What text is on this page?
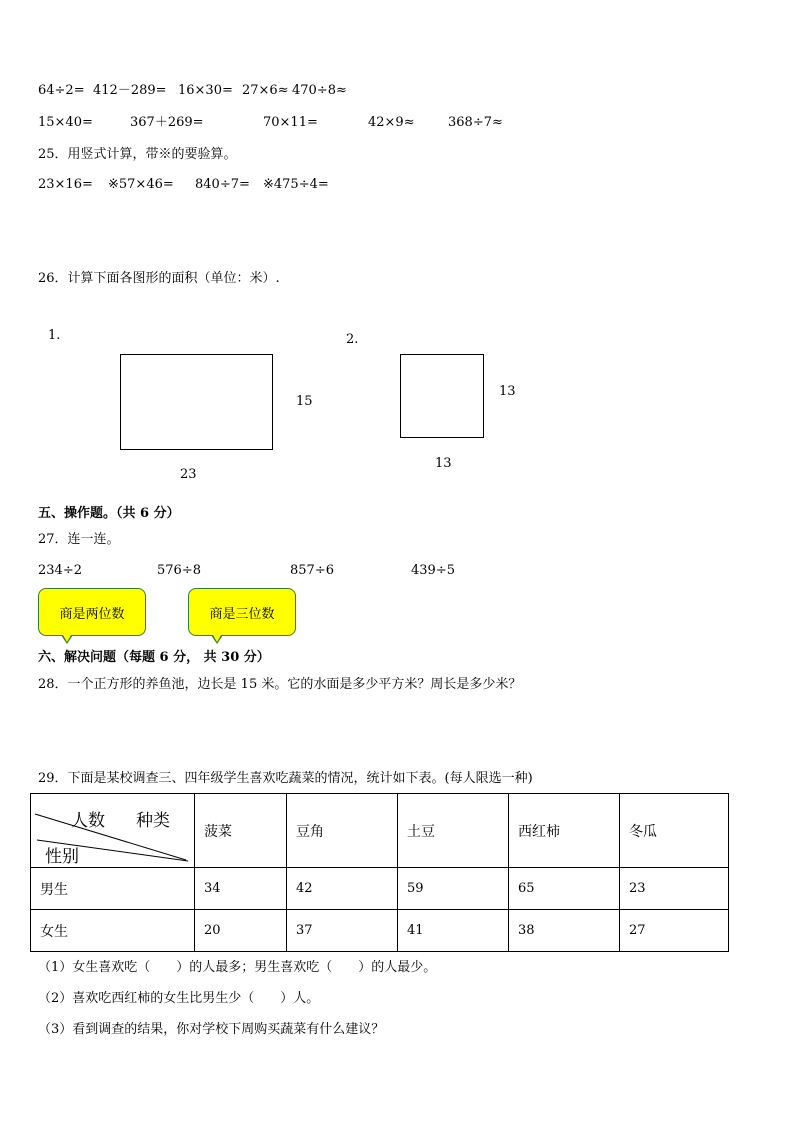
64÷2= 412－289= 16×30= 27×6≈ 470÷8≈
15×40=	367＋269=	70×11=	42×9≈	368÷7≈
25．用竖式计算，带※的要验算。
23×16= ※57×46= 840÷7= ※475÷4=
26．计算下面各图形的面积（单位：米）.
1.
15
23
2.
13
13
五、操作题。（共 6 分）
27．连一连。
234÷2	576÷8	857÷6	439÷5
商是两位数	商是三位数
六、解决问题（每题 6 分， 共 30 分）
28．一个正方形的养鱼池，边长是 15 米。它的水面是多少平方米？周长是多少米？
29．下面是某校调查三、四年级学生喜欢吃蔬菜的情况，统计如下表。(每人限选一种)
人数 种类
性别	菠菜	豆角	土豆	西红柿	冬瓜
男生	34	42	59	65	23
女生	20	37	41	38	27
（1）女生喜欢吃（　　）的人最多；男生喜欢吃（　　）的人最少。
（2）喜欢吃西红柿的女生比男生少（　　）人。
（3）看到调查的结果，你对学校下周购买蔬菜有什么建议？
